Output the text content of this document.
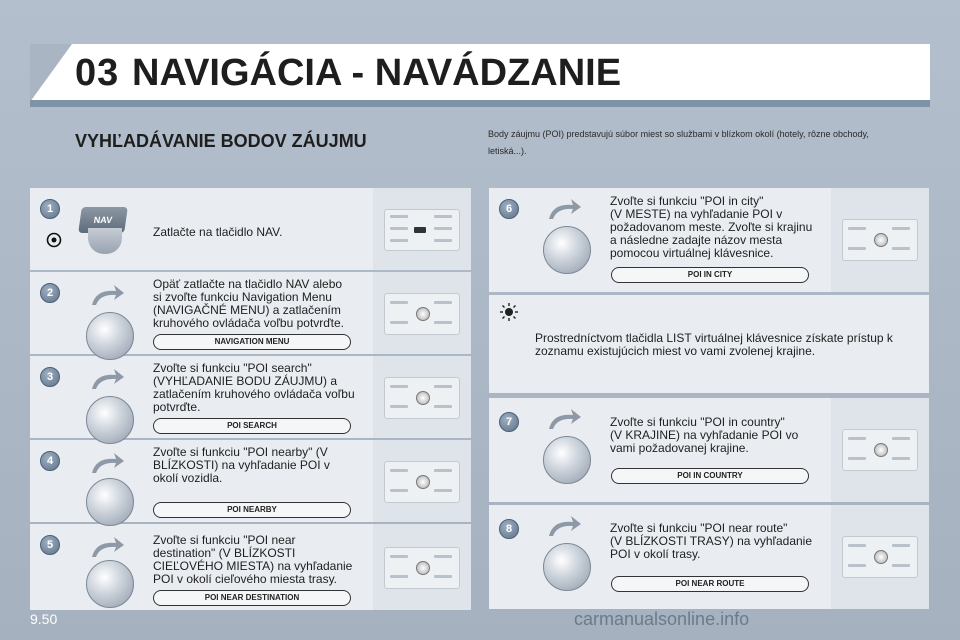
03 NAVIGÁCIA - NAVÁDZANIE
VYHĽADÁVANIE BODOV ZÁUJMU	Body záujmu (POI) predstavujú súbor miest so službami v blízkom okolí (hotely, rôzne obchody, letiská...).
1
2
3
4
5
6
7
8
NAV
Zatlačte na tlačidlo NAV.
Opäť zatlačte na tlačidlo NAV alebo
si zvoľte funkciu Navigation Menu
(NAVIGAČNÉ MENU) a zatlačením
kruhového ovládača voľbu potvrďte.
Zvoľte si funkciu "POI search"
(VYHĽADANIE BODU ZÁUJMU) a
zatlačením kruhového ovládača voľbu
potvrďte.
Zvoľte si funkciu "POI nearby" (V
BLÍZKOSTI) na vyhľadanie POI v
okolí vozidla.
Zvoľte si funkciu "POI near
destination" (V BLÍZKOSTI
CIEĽOVÉHO MIESTA) na vyhľadanie
POI v okolí cieľového miesta trasy.
Zvoľte si funkciu "POI in city"
(V MESTE) na vyhľadanie POI v
požadovanom meste. Zvoľte si krajinu
a následne zadajte názov mesta
pomocou virtuálnej klávesnice.
Zvoľte si funkciu "POI in country"
(V KRAJINE) na vyhľadanie POI vo
vami požadovanej krajine.
Zvoľte si funkciu "POI near route"
(V BLÍZKOSTI TRASY) na vyhľadanie
POI v okolí trasy.
NAVIGATION MENU
POI SEARCH
POI NEARBY
POI NEAR DESTINATION
POI IN CITY
POI IN COUNTRY
POI NEAR ROUTE
Prostredníctvom tlačidla LIST virtuálnej klávesnice získate prístup k zoznamu existujúcich miest vo vami zvolenej krajine.
9.50	carmanualsonline.info
